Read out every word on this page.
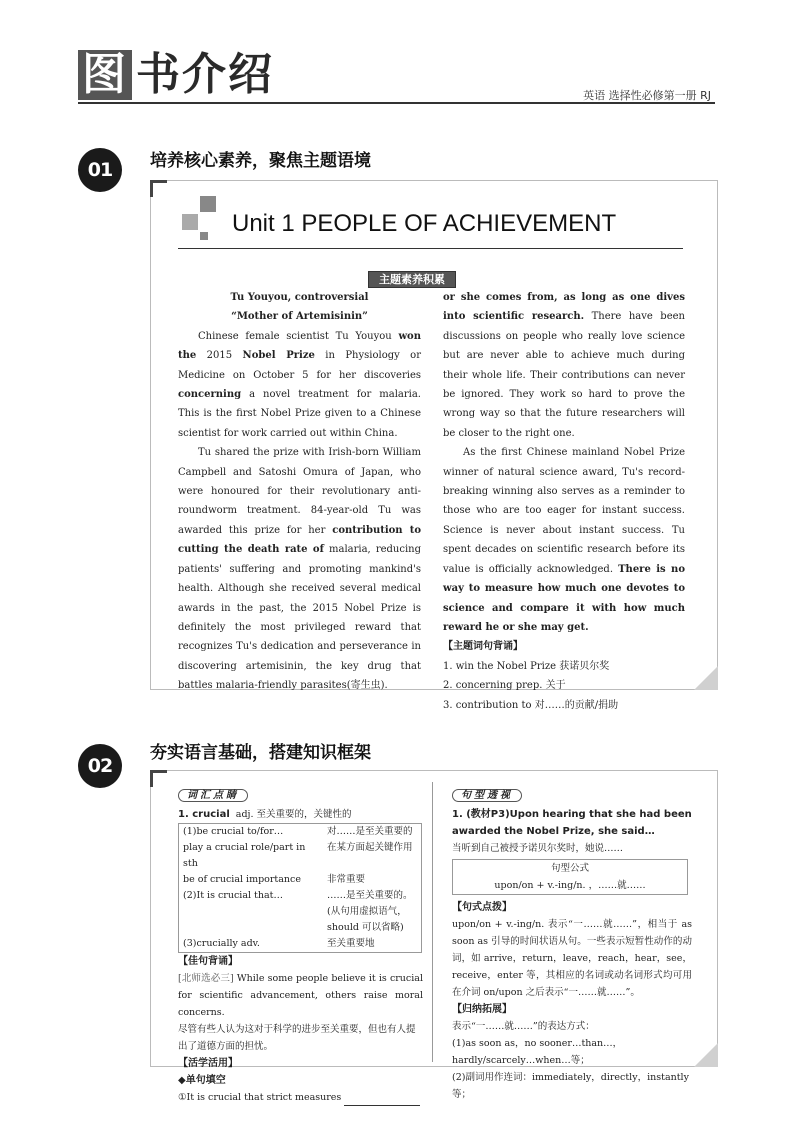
图 书 介 绍	英语 选择性必修第一册 RJ
01	培养核心素养，聚焦主题语境
Unit 1 PEOPLE OF ACHIEVEMENT
主题素养积累

Tu Youyou, controversial

“Mother of Artemisinin”

Chinese female scientist Tu Youyou won the 2015 Nobel Prize in Physiology or Medicine on October 5 for her discoveries concerning a novel treatment for malaria. This is the first Nobel Prize given to a Chinese scientist for work carried out within China.

Tu shared the prize with Irish-born William Campbell and Satoshi Omura of Japan, who were honoured for their revolutionary anti-roundworm treatment. 84-year-old Tu was awarded this prize for her contribution to cutting the death rate of malaria, reducing patients' suffering and promoting mankind's health. Although she received several medical awards in the past, the 2015 Nobel Prize is definitely the most privileged reward that recognizes Tu's dedication and perseverance in discovering artemisinin, the key drug that battles malaria-friendly parasites(寄生虫).

or she comes from, as long as one dives into scientific research. There have been discussions on people who really love science but are never able to achieve much during their whole life. Their contributions can never be ignored. They work so hard to prove the wrong way so that the future researchers will be closer to the right one.

As the first Chinese mainland Nobel Prize winner of natural science award, Tu's record-breaking winning also serves as a reminder to those who are too eager for instant success. Science is never about instant success. Tu spent decades on scientific research before its value is officially acknowledged. There is no way to measure how much one devotes to science and compare it with how much reward he or she may get.

【主题词句背诵】

1. win the Nobel Prize 获诺贝尔奖

2. concerning prep. 关于

3. contribution to 对……的贡献/捐助

02
夯实语言基础，搭建知识框架

词汇点睛

1. crucial adj. 至关重要的，关键性的

(1)be crucial to/for…	对……是至关重要的
play a crucial role/part in sth	在某方面起关键作用
be of crucial importance	非常重要
(2)It is crucial that…	……是至关重要的。
	(从句用虚拟语气，
	should 可以省略)
(3)crucially adv.	至关重要地

【佳句背诵】

[北师选必三] While some people believe it is crucial for scientific advancement, others raise moral concerns.

尽管有些人认为这对于科学的进步至关重要，但也有人提出了道德方面的担忧。

【活学活用】

◆单句填空

①It is crucial that strict measures

句型透视

1. (教材P3)Upon hearing that she had been

awarded the Nobel Prize, she said…

当听到自己被授予诺贝尔奖时，她说……

句型公式

upon/on + v.-ing/n. ，……就……

【句式点拨】

upon/on + v.-ing/n. 表示“一……就……”，相当于 as soon as 引导的时间状语从句。一些表示短暂性动作的动词，如 arrive，return，leave，reach，hear，see，receive，enter 等，其相应的名词或动名词形式均可用在介词 on/upon 之后表示“一……就……”。

【归纳拓展】

表示“一……就……”的表达方式：

(1)as soon as，no sooner…than…，hardly/scarcely…when…等；

(2)副词用作连词：immediately，directly，instantly 等；
